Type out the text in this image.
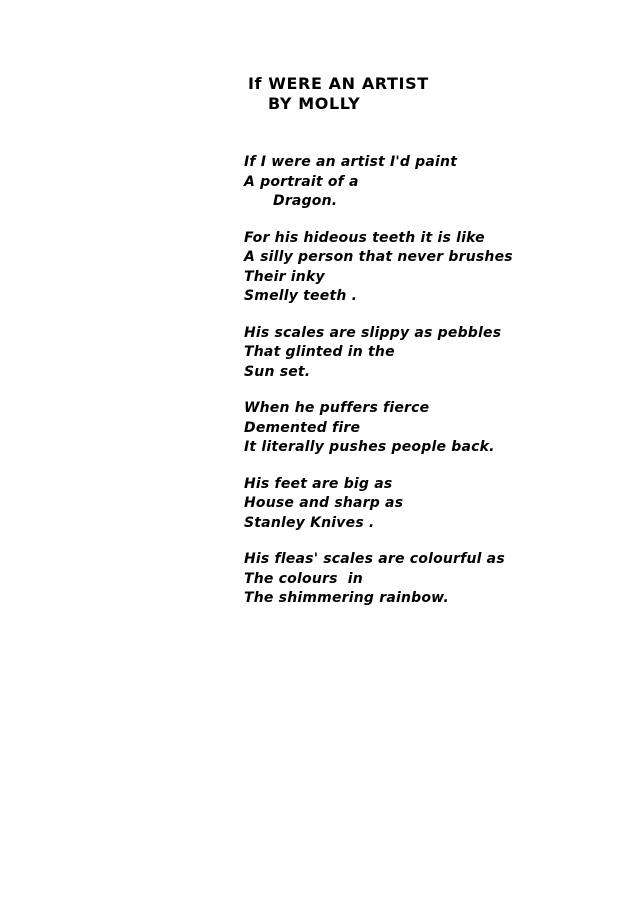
If WERE AN ARTIST
BY MOLLY
If I were an artist I'd paint
A portrait of a
Dragon.
For his hideous teeth it is like
A silly person that never brushes
Their inky
Smelly teeth .
His scales are slippy as pebbles
That glinted in the
Sun set.
When he puffers fierce
Demented fire
It literally pushes people back.
His feet are big as
House and sharp as
Stanley Knives .
His fleas' scales are colourful as
The colours  in
The shimmering rainbow.
